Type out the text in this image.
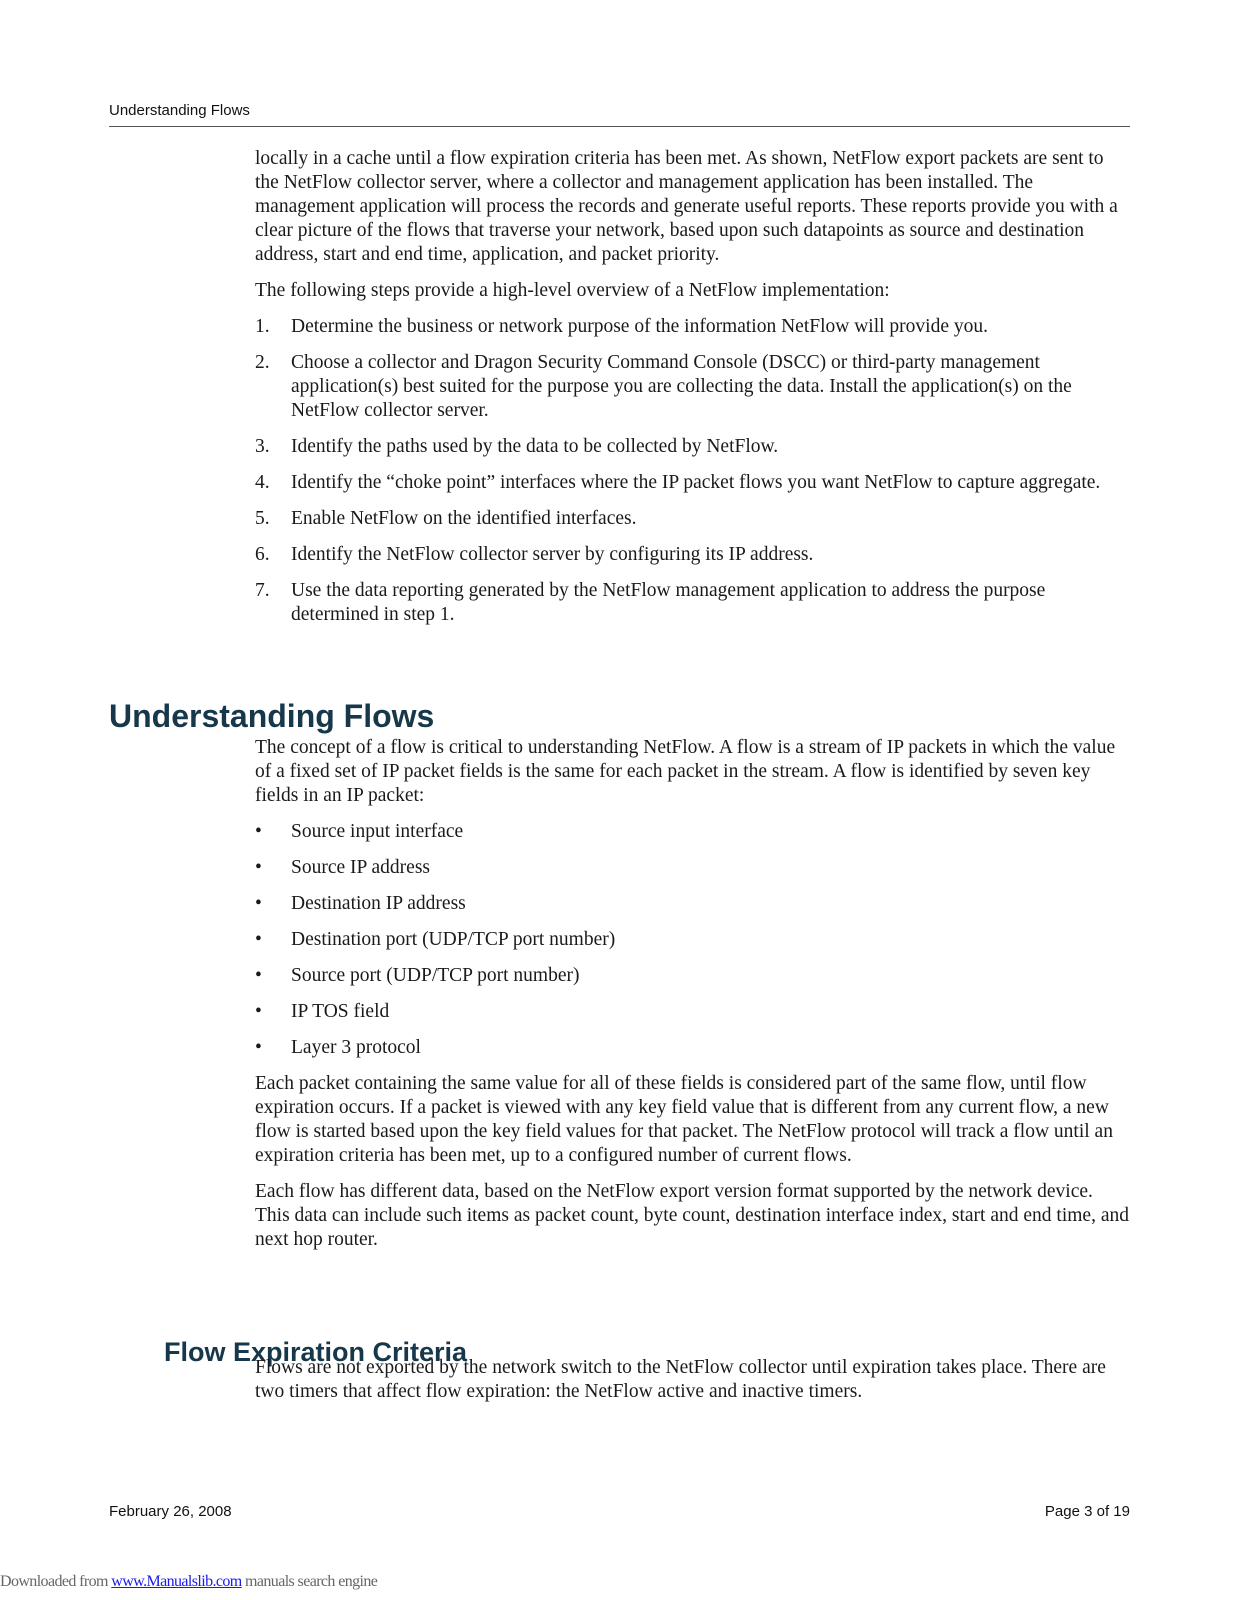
Understanding Flows

locally in a cache until a flow expiration criteria has been met. As shown, NetFlow export packets are sent to the NetFlow collector server, where a collector and management application has been installed. The management application will process the records and generate useful reports. These reports provide you with a clear picture of the flows that traverse your network, based upon such datapoints as source and destination address, start and end time, application, and packet priority.

The following steps provide a high-level overview of a NetFlow implementation:

1.	Determine the business or network purpose of the information NetFlow will provide you.
2.	Choose a collector and Dragon Security Command Console (DSCC) or third-party management application(s) best suited for the purpose you are collecting the data. Install the application(s) on the NetFlow collector server.
3.	Identify the paths used by the data to be collected by NetFlow.
4.	Identify the “choke point” interfaces where the IP packet flows you want NetFlow to capture aggregate.
5.	Enable NetFlow on the identified interfaces.
6.	Identify the NetFlow collector server by configuring its IP address.
7.	Use the data reporting generated by the NetFlow management application to address the purpose determined in step 1.
Understanding Flows

The concept of a flow is critical to understanding NetFlow. A flow is a stream of IP packets in which the value of a fixed set of IP packet fields is the same for each packet in the stream. A flow is identified by seven key fields in an IP packet:

•	Source input interface
•	Source IP address
•	Destination IP address
•	Destination port (UDP/TCP port number)
•	Source port (UDP/TCP port number)
•	IP TOS field
•	Layer 3 protocol

Each packet containing the same value for all of these fields is considered part of the same flow, until flow expiration occurs. If a packet is viewed with any key field value that is different from any current flow, a new flow is started based upon the key field values for that packet. The NetFlow protocol will track a flow until an expiration criteria has been met, up to a configured number of current flows.

Each flow has different data, based on the NetFlow export version format supported by the network device. This data can include such items as packet count, byte count, destination interface index, start and end time, and next hop router.

Flow Expiration Criteria

Flows are not exported by the network switch to the NetFlow collector until expiration takes place. There are two timers that affect flow expiration: the NetFlow active and inactive timers.

February 26, 2008	Page 3 of 19
Downloaded from www.Manualslib.com manuals search engine
